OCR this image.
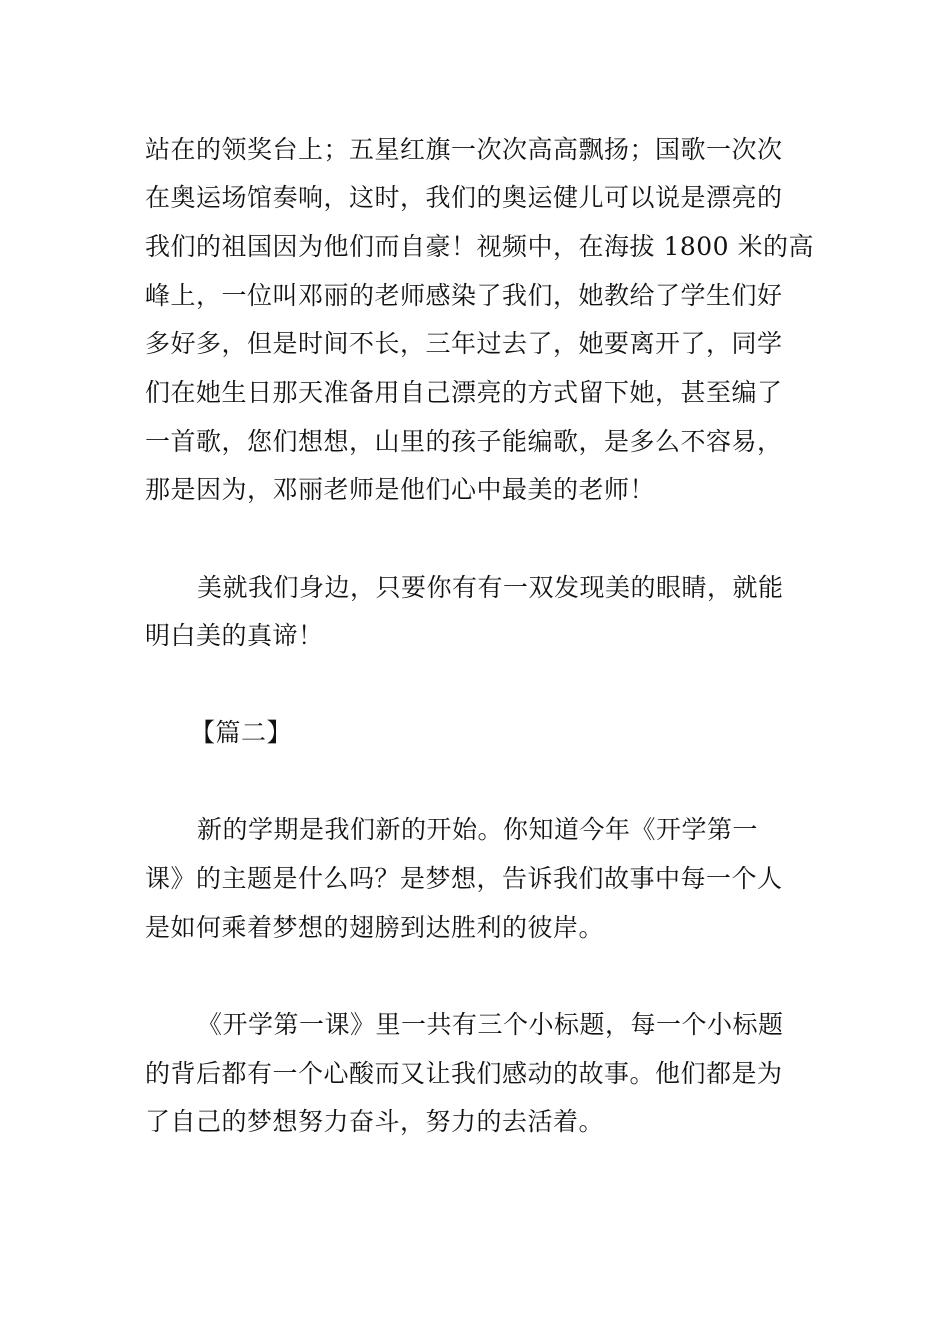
站在的领奖台上；五星红旗一次次高高飘扬；国歌一次次
在奥运场馆奏响，这时，我们的奥运健儿可以说是漂亮的
我们的祖国因为他们而自豪！视频中，在海拔 1800 米的高
峰上，一位叫邓丽的老师感染了我们，她教给了学生们好
多好多，但是时间不长，三年过去了，她要离开了，同学
们在她生日那天准备用自己漂亮的方式留下她，甚至编了
一首歌，您们想想，山里的孩子能编歌，是多么不容易，
那是因为，邓丽老师是他们心中最美的老师！
美就我们身边，只要你有有一双发现美的眼睛，就能
明白美的真谛！
【篇二】
新的学期是我们新的开始。你知道今年《开学第一
课》的主题是什么吗？是梦想，告诉我们故事中每一个人
是如何乘着梦想的翅膀到达胜利的彼岸。
《开学第一课》里一共有三个小标题，每一个小标题
的背后都有一个心酸而又让我们感动的故事。他们都是为
了自己的梦想努力奋斗，努力的去活着。
